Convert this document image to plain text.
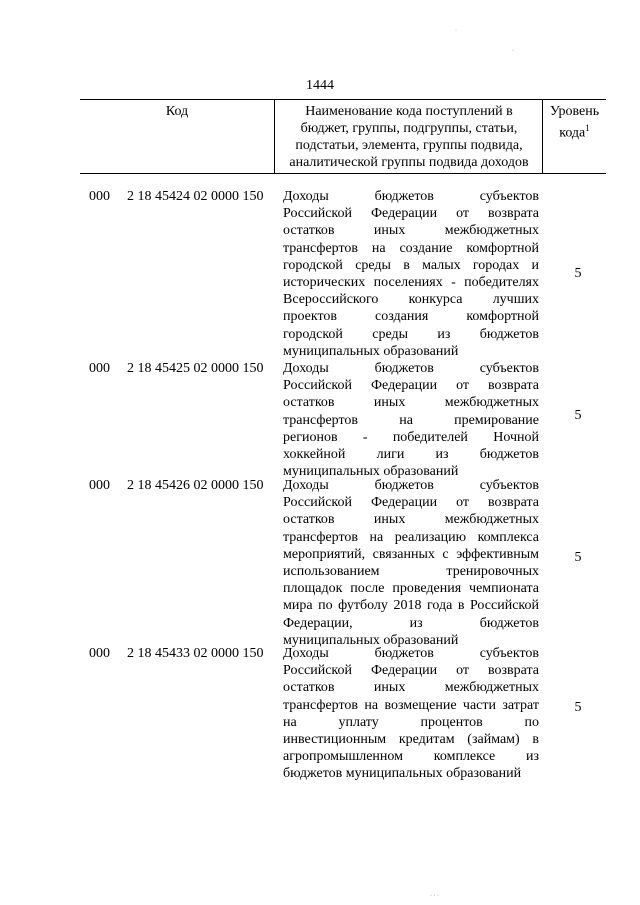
1444
Код	Наименование кода поступлений в
бюджет, группы, подгруппы, статьи,
подстатьи, элемента, группы подвида,
аналитической группы подвида доходов
Уровень
кода$^1$
000 2 18 45424 02 0000 150 Доходы бюджетов субъектов
Российской Федерации от возврата
остатков иных межбюджетных
трансфертов на создание комфортной
городской среды в малых городах и
исторических поселениях - победителях
Всероссийского конкурса лучших
проектов создания комфортной
городской среды из бюджетов
муниципальных образований
5
000 2 18 45425 02 0000 150 Доходы бюджетов субъектов
Российской Федерации от возврата
остатков иных межбюджетных
трансфертов на премирование
регионов - победителей Ночной
хоккейной лиги из бюджетов
муниципальных образований
5
000 2 18 45426 02 0000 150 Доходы бюджетов субъектов
Российской Федерации от возврата
остатков иных межбюджетных
трансфертов на реализацию комплекса
мероприятий, связанных с эффективным
использованием тренировочных
площадок после проведения чемпионата
мира по футболу 2018 года в Российской
Федерации, из бюджетов
муниципальных образований
5
000 2 18 45433 02 0000 150 Доходы бюджетов субъектов
Российской Федерации от возврата
остатков иных межбюджетных
трансфертов на возмещение части затрат
на уплату процентов по
инвестиционным кредитам (займам) в
агропромышленном комплексе из
бюджетов муниципальных образований
5
·
·
· · ·
